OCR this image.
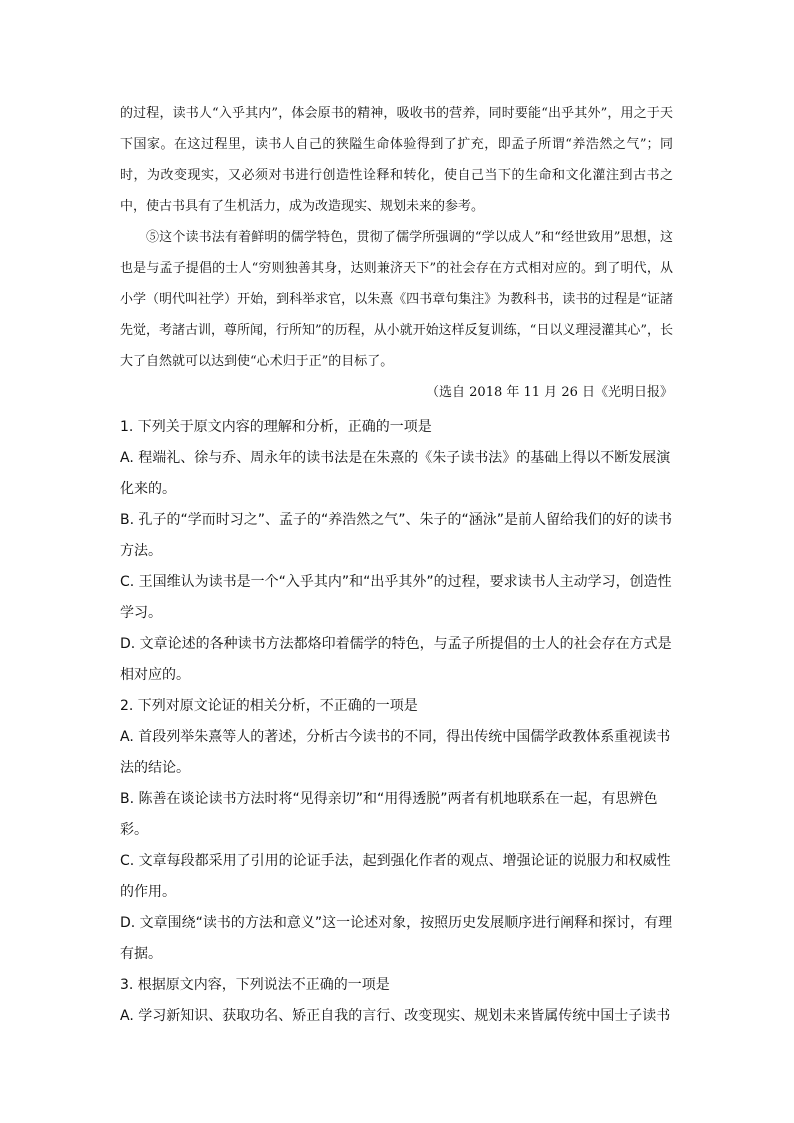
的过程，读书人“入乎其内”，体会原书的精神，吸收书的营养，同时要能“出乎其外”，用之于天下国家。在这过程里，读书人自己的狭隘生命体验得到了扩充，即孟子所谓“养浩然之气”；同时，为改变现实，又必须对书进行创造性诠释和转化，使自己当下的生命和文化灌注到古书之中，使古书具有了生机活力，成为改造现实、规划未来的参考。

⑤这个读书法有着鲜明的儒学特色，贯彻了儒学所强调的“学以成人”和“经世致用”思想，这也是与孟子提倡的士人“穷则独善其身，达则兼济天下”的社会存在方式相对应的。到了明代，从小学（明代叫社学）开始，到科举求官，以朱熹《四书章句集注》为教科书，读书的过程是“证諸先觉，考諸古训，尊所闻，行所知”的历程，从小就开始这样反复训练，“日以义理浸灌其心”，长大了自然就可以达到使“心术归于正”的目标了。

（选自 2018 年 11 月 26 日《光明日报》

1. 下列关于原文内容的理解和分析，正确的一项是

A. 程端礼、徐与乔、周永年的读书法是在朱熹的《朱子读书法》的基础上得以不断发展演化来的。

B. 孔子的“学而时习之”、孟子的“养浩然之气”、朱子的“涵泳”是前人留给我们的好的读书方法。

C. 王国维认为读书是一个“入乎其内”和“出乎其外”的过程，要求读书人主动学习，创造性学习。

D. 文章论述的各种读书方法都烙印着儒学的特色，与孟子所提倡的士人的社会存在方式是相对应的。

2. 下列对原文论证的相关分析，不正确的一项是

A. 首段列举朱熹等人的著述，分析古今读书的不同，得出传统中国儒学政教体系重视读书法的结论。

B. 陈善在谈论读书方法时将“见得亲切”和“用得透脱”两者有机地联系在一起，有思辨色彩。

C. 文章每段都采用了引用的论证手法，起到强化作者的观点、增强论证的说服力和权威性的作用。

D. 文章围绕“读书的方法和意义”这一论述对象，按照历史发展顺序进行阐释和探讨，有理有据。

3. 根据原文内容，下列说法不正确的一项是

A. 学习新知识、获取功名、矫正自我的言行、改变现实、规划未来皆属传统中国士子读书
